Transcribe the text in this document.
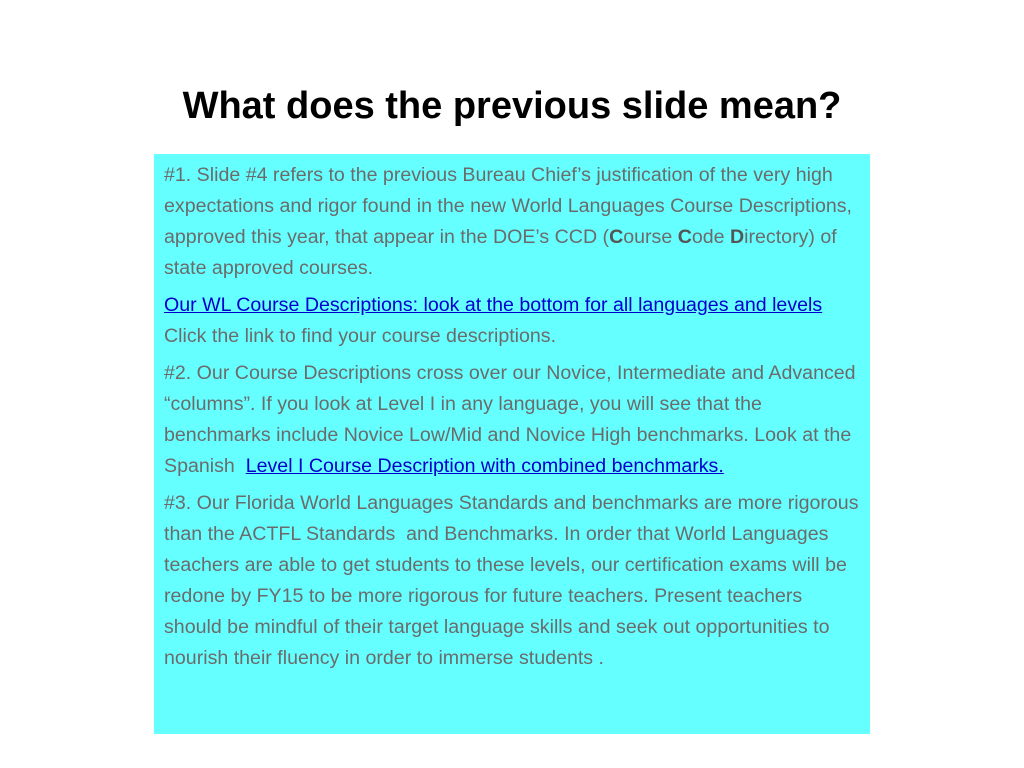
What does the previous slide mean?

#1. Slide #4 refers to the previous Bureau Chief’s justification of the very high expectations and rigor found in the new World Languages Course Descriptions, approved this year, that appear in the DOE’s CCD (Course Code Directory) of state approved courses.

Our WL Course Descriptions: look at the bottom for all languages and levels  Click the link to find your course descriptions.

#2. Our Course Descriptions cross over our Novice, Intermediate and Advanced “columns”. If you look at Level I in any language, you will see that the benchmarks include Novice Low/Mid and Novice High benchmarks. Look at the Spanish  Level I Course Description with combined benchmarks.

#3. Our Florida World Languages Standards and benchmarks are more rigorous than the ACTFL Standards  and Benchmarks. In order that World Languages teachers are able to get students to these levels, our certification exams will be redone by FY15 to be more rigorous for future teachers. Present teachers should be mindful of their target language skills and seek out opportunities to nourish their fluency in order to immerse students .
